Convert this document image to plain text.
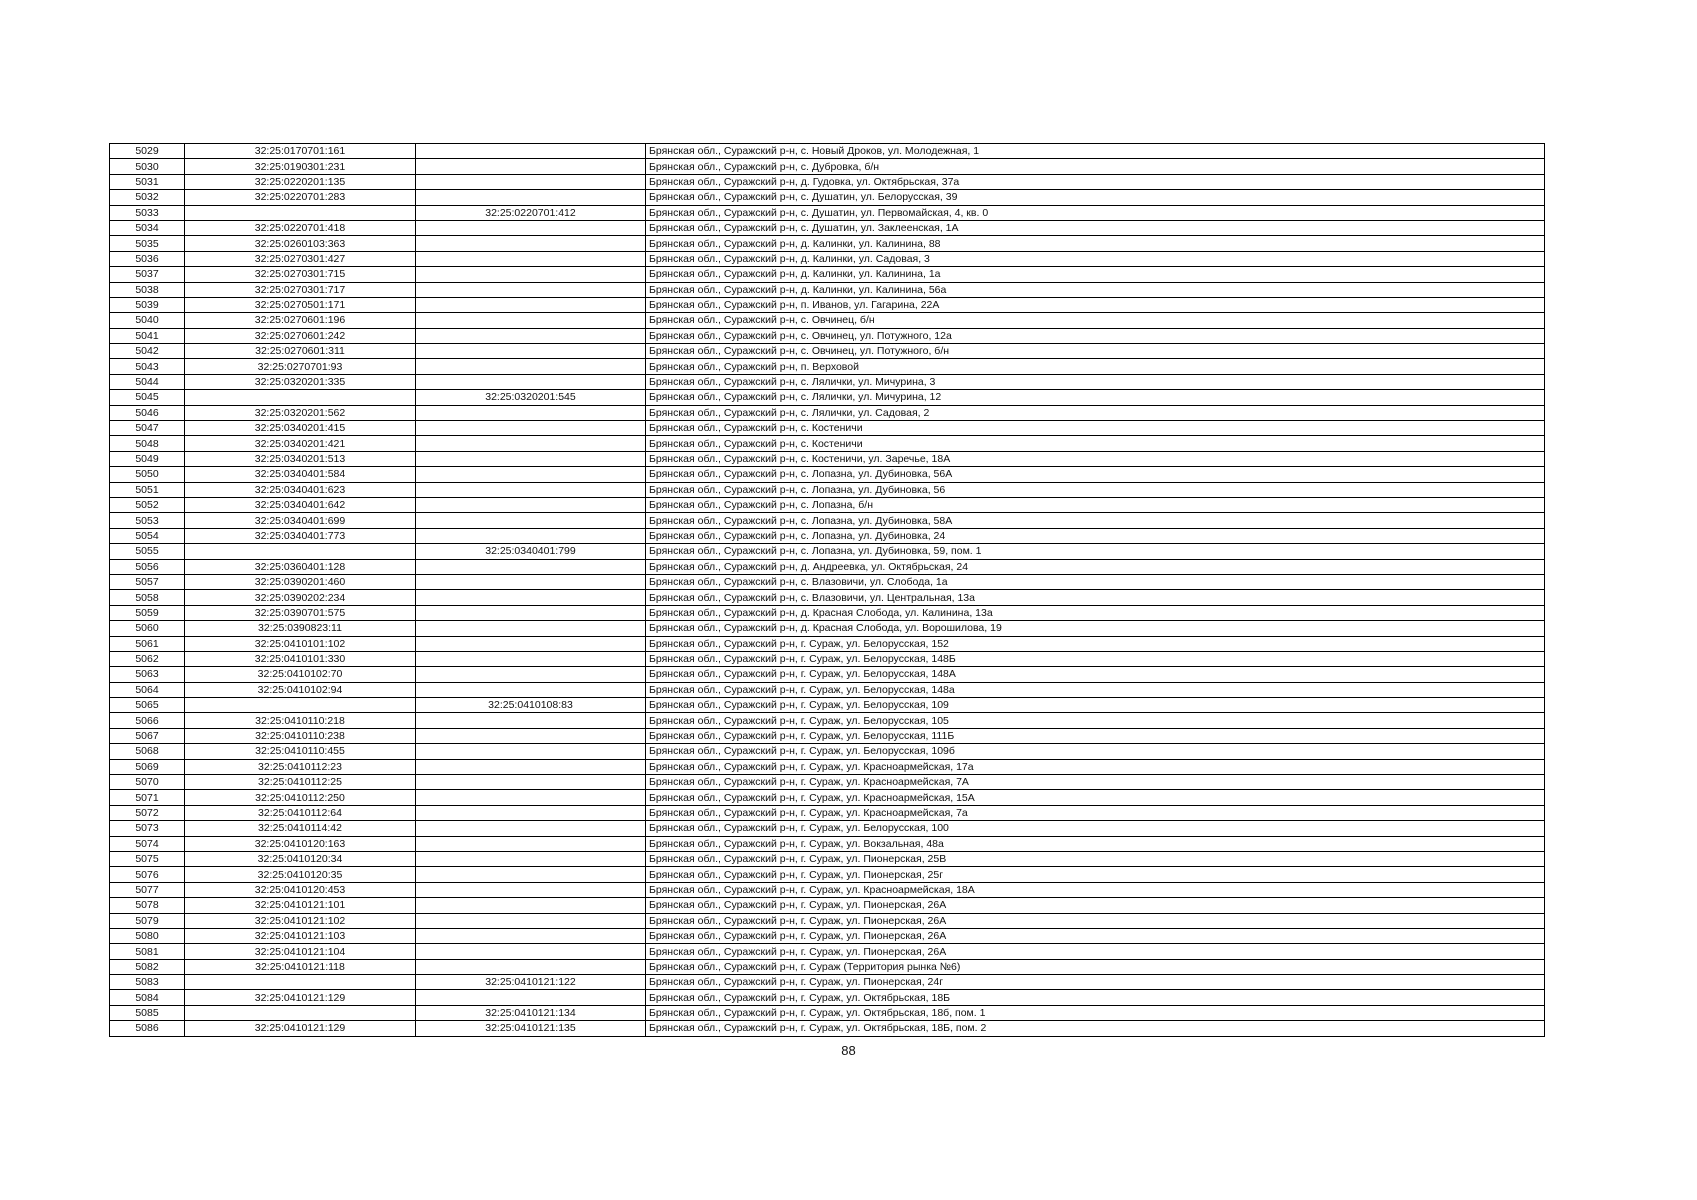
5029	32:25:0170701:161		Брянская обл., Суражский р-н, с. Новый Дроков, ул. Молодежная, 1
5030	32:25:0190301:231		Брянская обл., Суражский р-н, с. Дубровка, б/н
5031	32:25:0220201:135		Брянская обл., Суражский р-н, д. Гудовка, ул. Октябрьская, 37а
5032	32:25:0220701:283		Брянская обл., Суражский р-н, с. Душатин, ул. Белорусская, 39
5033		32:25:0220701:412	Брянская обл., Суражский р-н, с. Душатин, ул. Первомайская, 4, кв. 0
5034	32:25:0220701:418		Брянская обл., Суражский р-н, с. Душатин, ул. Заклеенская, 1А
5035	32:25:0260103:363		Брянская обл., Суражский р-н, д. Калинки, ул. Калинина, 88
5036	32:25:0270301:427		Брянская обл., Суражский р-н, д. Калинки, ул. Садовая, 3
5037	32:25:0270301:715		Брянская обл., Суражский р-н, д. Калинки, ул. Калинина, 1а
5038	32:25:0270301:717		Брянская обл., Суражский р-н, д. Калинки, ул. Калинина, 56а
5039	32:25:0270501:171		Брянская обл., Суражский р-н, п. Иванов, ул. Гагарина, 22А
5040	32:25:0270601:196		Брянская обл., Суражский р-н, с. Овчинец, б/н
5041	32:25:0270601:242		Брянская обл., Суражский р-н, с. Овчинец, ул. Потужного, 12а
5042	32:25:0270601:311		Брянская обл., Суражский р-н, с. Овчинец, ул. Потужного, б/н
5043	32:25:0270701:93		Брянская обл., Суражский р-н, п. Верховой
5044	32:25:0320201:335		Брянская обл., Суражский р-н, с. Лялички, ул. Мичурина, 3
5045		32:25:0320201:545	Брянская обл., Суражский р-н, с. Лялички, ул. Мичурина, 12
5046	32:25:0320201:562		Брянская обл., Суражский р-н, с. Лялички, ул. Садовая, 2
5047	32:25:0340201:415		Брянская обл., Суражский р-н, с. Костеничи
5048	32:25:0340201:421		Брянская обл., Суражский р-н, с. Костеничи
5049	32:25:0340201:513		Брянская обл., Суражский р-н, с. Костеничи, ул. Заречье, 18А
5050	32:25:0340401:584		Брянская обл., Суражский р-н, с. Лопазна, ул. Дубиновка, 56А
5051	32:25:0340401:623		Брянская обл., Суражский р-н, с. Лопазна, ул. Дубиновка, 56
5052	32:25:0340401:642		Брянская обл., Суражский р-н, с. Лопазна, б/н
5053	32:25:0340401:699		Брянская обл., Суражский р-н, с. Лопазна, ул. Дубиновка, 58А
5054	32:25:0340401:773		Брянская обл., Суражский р-н, с. Лопазна, ул. Дубиновка, 24
5055		32:25:0340401:799	Брянская обл., Суражский р-н, с. Лопазна, ул. Дубиновка, 59, пом. 1
5056	32:25:0360401:128		Брянская обл., Суражский р-н, д. Андреевка, ул. Октябрьская, 24
5057	32:25:0390201:460		Брянская обл., Суражский р-н, с. Влазовичи, ул. Слобода, 1а
5058	32:25:0390202:234		Брянская обл., Суражский р-н, с. Влазовичи, ул. Центральная, 13а
5059	32:25:0390701:575		Брянская обл., Суражский р-н, д. Красная Слобода, ул. Калинина, 13а
5060	32:25:0390823:11		Брянская обл., Суражский р-н, д. Красная Слобода, ул. Ворошилова, 19
5061	32:25:0410101:102		Брянская обл., Суражский р-н, г. Сураж, ул. Белорусская, 152
5062	32:25:0410101:330		Брянская обл., Суражский р-н, г. Сураж, ул. Белорусская, 148Б
5063	32:25:0410102:70		Брянская обл., Суражский р-н, г. Сураж, ул. Белорусская, 148А
5064	32:25:0410102:94		Брянская обл., Суражский р-н, г. Сураж, ул. Белорусская, 148а
5065		32:25:0410108:83	Брянская обл., Суражский р-н, г. Сураж, ул. Белорусская, 109
5066	32:25:0410110:218		Брянская обл., Суражский р-н, г. Сураж, ул. Белорусская, 105
5067	32:25:0410110:238		Брянская обл., Суражский р-н, г. Сураж, ул. Белорусская, 111Б
5068	32:25:0410110:455		Брянская обл., Суражский р-н, г. Сураж, ул. Белорусская, 109б
5069	32:25:0410112:23		Брянская обл., Суражский р-н, г. Сураж, ул. Красноармейская, 17а
5070	32:25:0410112:25		Брянская обл., Суражский р-н, г. Сураж, ул. Красноармейская, 7А
5071	32:25:0410112:250		Брянская обл., Суражский р-н, г. Сураж, ул. Красноармейская, 15А
5072	32:25:0410112:64		Брянская обл., Суражский р-н, г. Сураж, ул. Красноармейская, 7а
5073	32:25:0410114:42		Брянская обл., Суражский р-н, г. Сураж, ул. Белорусская, 100
5074	32:25:0410120:163		Брянская обл., Суражский р-н, г. Сураж, ул. Вокзальная, 48а
5075	32:25:0410120:34		Брянская обл., Суражский р-н, г. Сураж, ул. Пионерская, 25В
5076	32:25:0410120:35		Брянская обл., Суражский р-н, г. Сураж, ул. Пионерская, 25г
5077	32:25:0410120:453		Брянская обл., Суражский р-н, г. Сураж, ул. Красноармейская, 18А
5078	32:25:0410121:101		Брянская обл., Суражский р-н, г. Сураж, ул. Пионерская, 26А
5079	32:25:0410121:102		Брянская обл., Суражский р-н, г. Сураж, ул. Пионерская, 26А
5080	32:25:0410121:103		Брянская обл., Суражский р-н, г. Сураж, ул. Пионерская, 26А
5081	32:25:0410121:104		Брянская обл., Суражский р-н, г. Сураж, ул. Пионерская, 26А
5082	32:25:0410121:118		Брянская обл., Суражский р-н, г. Сураж (Территория рынка №6)
5083		32:25:0410121:122	Брянская обл., Суражский р-н, г. Сураж, ул. Пионерская, 24г
5084	32:25:0410121:129		Брянская обл., Суражский р-н, г. Сураж, ул. Октябрьская, 18Б
5085		32:25:0410121:134	Брянская обл., Суражский р-н, г. Сураж, ул. Октябрьская, 18б, пом. 1
5086	32:25:0410121:129	32:25:0410121:135	Брянская обл., Суражский р-н, г. Сураж, ул. Октябрьская, 18Б, пом. 2
88
